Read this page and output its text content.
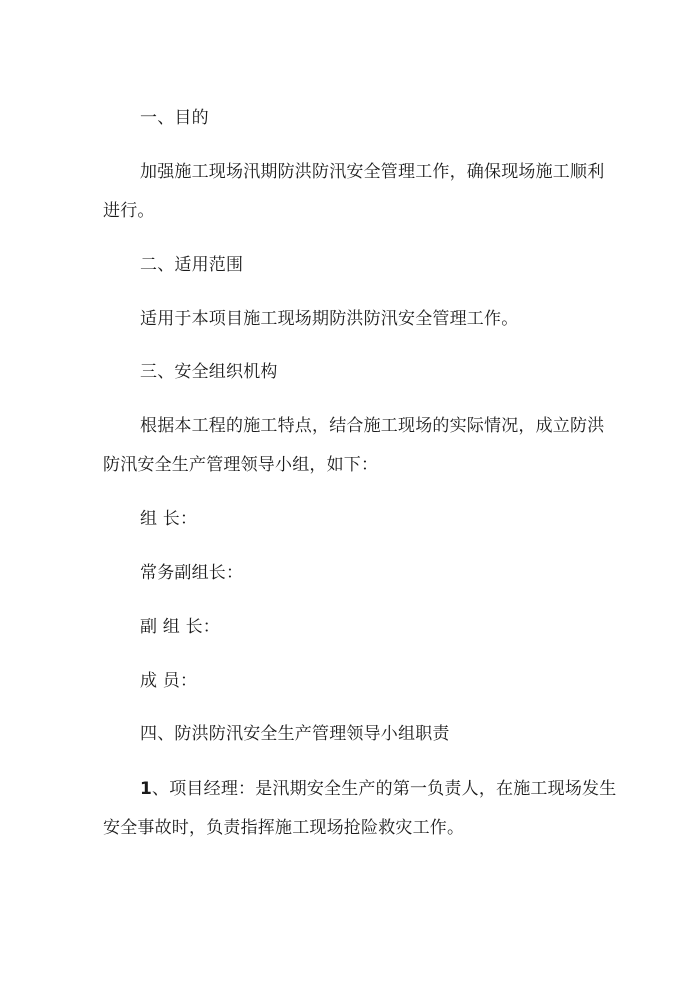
一、目的
加强施工现场汛期防洪防汛安全管理工作，确保现场施工顺利
进行。
二、适用范围
适用于本项目施工现场期防洪防汛安全管理工作。
三、安全组织机构
根据本工程的施工特点，结合施工现场的实际情况，成立防洪
防汛安全生产管理领导小组，如下：
组 长：
常务副组长：
副 组 长：
成 员：
四、防洪防汛安全生产管理领导小组职责
1、项目经理：是汛期安全生产的第一负责人，在施工现场发生
安全事故时，负责指挥施工现场抢险救灾工作。
